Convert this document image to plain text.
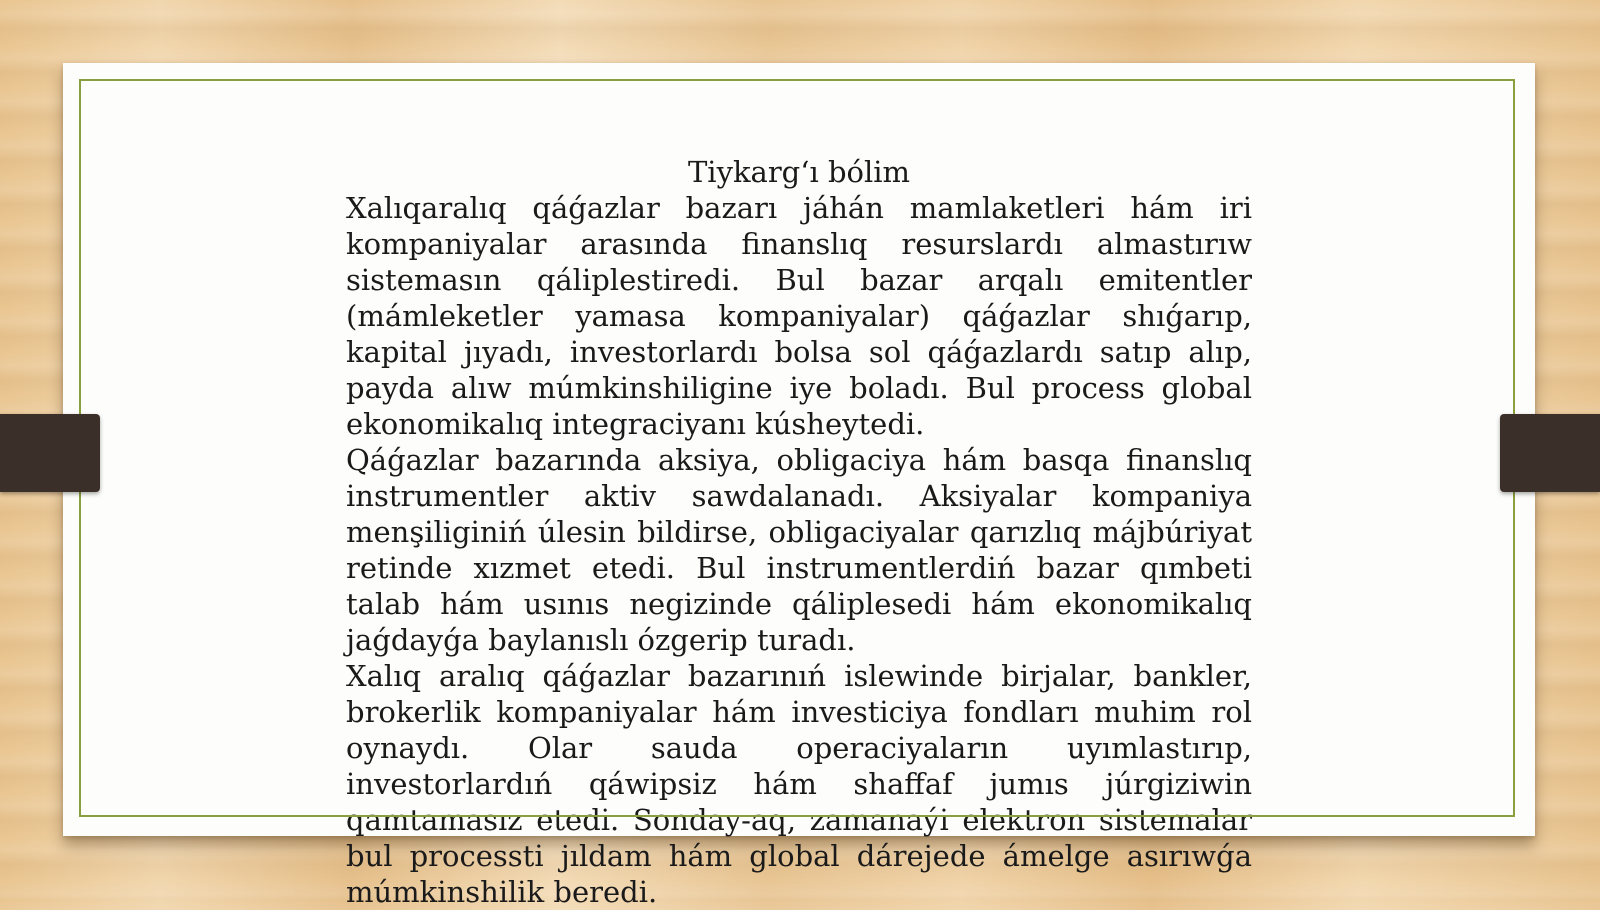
Tiykarg‘ı bólim

Xalıqaralıq qáǵazlar bazarı jáhán mamlaketleri hám iri kompaniyalar arasında finanslıq resurslardı almastırıw sistemasın qáliplestiredi. Bul bazar arqalı emitentler (mámleketler yamasa kompaniyalar) qáǵazlar shıǵarıp, kapital jıyadı, investorlardı bolsa sol qáǵazlardı satıp alıp, payda alıw múmkinshiligine iye boladı. Bul process global ekonomikalıq integraciyanı kúsheytedi.

Qáǵazlar bazarında aksiya, obligaciya hám basqa finanslıq instrumentler aktiv sawdalanadı. Aksiyalar kompaniya menşiliginiń úlesin bildirse, obligaciyalar qarızlıq májbúriyat retinde xızmet etedi. Bul instrumentlerdiń bazar qımbeti talab hám usınıs negizinde qáliplesedi hám ekonomikalıq jaǵdayǵa baylanıslı ózgerip turadı.

Xalıq aralıq qáǵazlar bazarınıń islewinde birjalar, bankler, brokerlik kompaniyalar hám investiciya fondları muhim rol oynaydı. Olar sauda operaciyaların uyımlastırıp, investorlardıń qáwipsiz hám shaffaf jumıs júrgiziwin qamtamasız etedi. Sonday-aq, zamanaýi elektron sistemalar bul processti jıldam hám global dárejede ámelge asırıwǵa múmkinshilik beredi.
